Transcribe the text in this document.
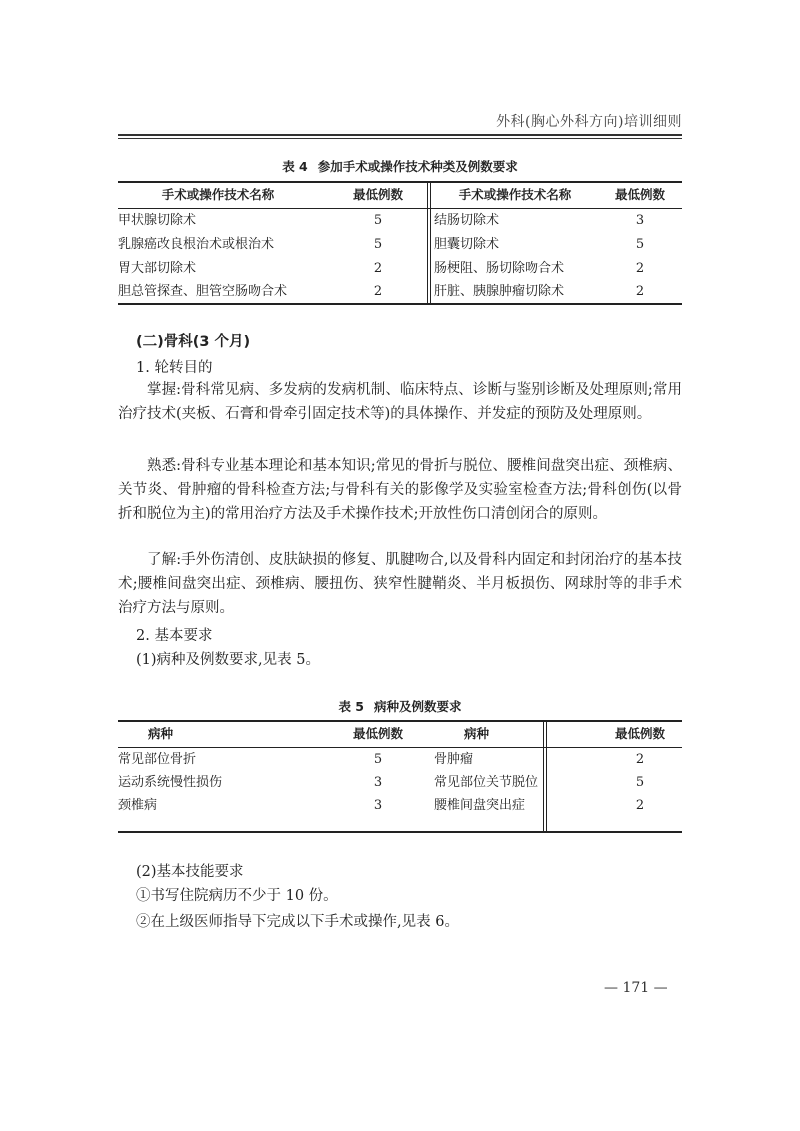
外科(胸心外科方向)培训细则
表 4 参加手术或操作技术种类及例数要求
手术或操作技术名称	最低例数	手术或操作技术名称	最低例数
甲状腺切除术	5	结肠切除术	3
乳腺癌改良根治术或根治术	5	胆囊切除术	5
胃大部切除术	2	肠梗阻、肠切除吻合术	2
胆总管探查、胆管空肠吻合术	2	肝脏、胰腺肿瘤切除术	2
(二)骨科(3 个月)
1. 轮转目的
掌握:骨科常见病、多发病的发病机制、临床特点、诊断与鉴别诊断及处理原则;常用治疗技术(夹板、石膏和骨牵引固定技术等)的具体操作、并发症的预防及处理原则。
熟悉:骨科专业基本理论和基本知识;常见的骨折与脱位、腰椎间盘突出症、颈椎病、关节炎、骨肿瘤的骨科检查方法;与骨科有关的影像学及实验室检查方法;骨科创伤(以骨折和脱位为主)的常用治疗方法及手术操作技术;开放性伤口清创闭合的原则。
了解:手外伤清创、皮肤缺损的修复、肌腱吻合,以及骨科内固定和封闭治疗的基本技术;腰椎间盘突出症、颈椎病、腰扭伤、狭窄性腱鞘炎、半月板损伤、网球肘等的非手术治疗方法与原则。
2. 基本要求
(1)病种及例数要求,见表 5。
表 5 病种及例数要求
病种	最低例数	病种	最低例数
常见部位骨折	5	骨肿瘤	2
运动系统慢性损伤	3	常见部位关节脱位	5
颈椎病	3	腰椎间盘突出症	2
(2)基本技能要求
①书写住院病历不少于 10 份。
②在上级医师指导下完成以下手术或操作,见表 6。
— 171 —
